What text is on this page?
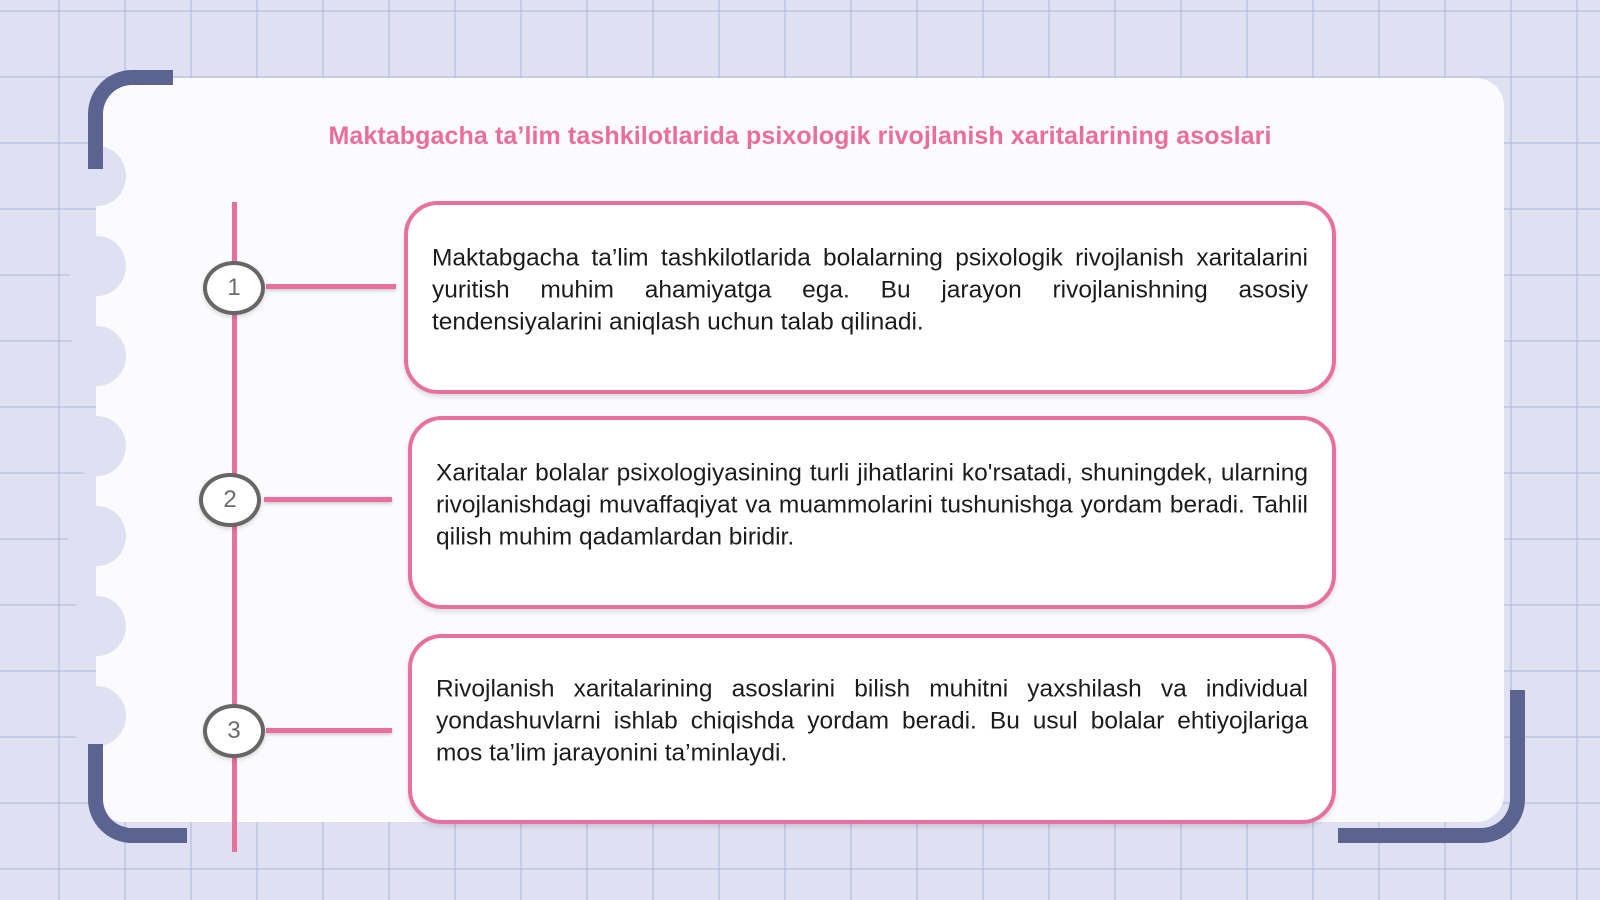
Maktabgacha ta’lim tashkilotlarida psixologik rivojlanish xaritalarining asoslari
1
Maktabgacha ta’lim tashkilotlarida bolalarning psixologik rivojlanish xaritalarini yuritish muhim ahamiyatga ega. Bu jarayon rivojlanishning asosiy tendensiyalarini aniqlash uchun talab qilinadi.
2
Xaritalar bolalar psixologiyasining turli jihatlarini ko'rsatadi, shuningdek, ularning rivojlanishdagi muvaffaqiyat va muammolarini tushunishga yordam beradi. Tahlil qilish muhim qadamlardan biridir.
3
Rivojlanish xaritalarining asoslarini bilish muhitni yaxshilash va individual yondashuvlarni ishlab chiqishda yordam beradi. Bu usul bolalar ehtiyojlariga mos ta’lim jarayonini ta’minlaydi.
